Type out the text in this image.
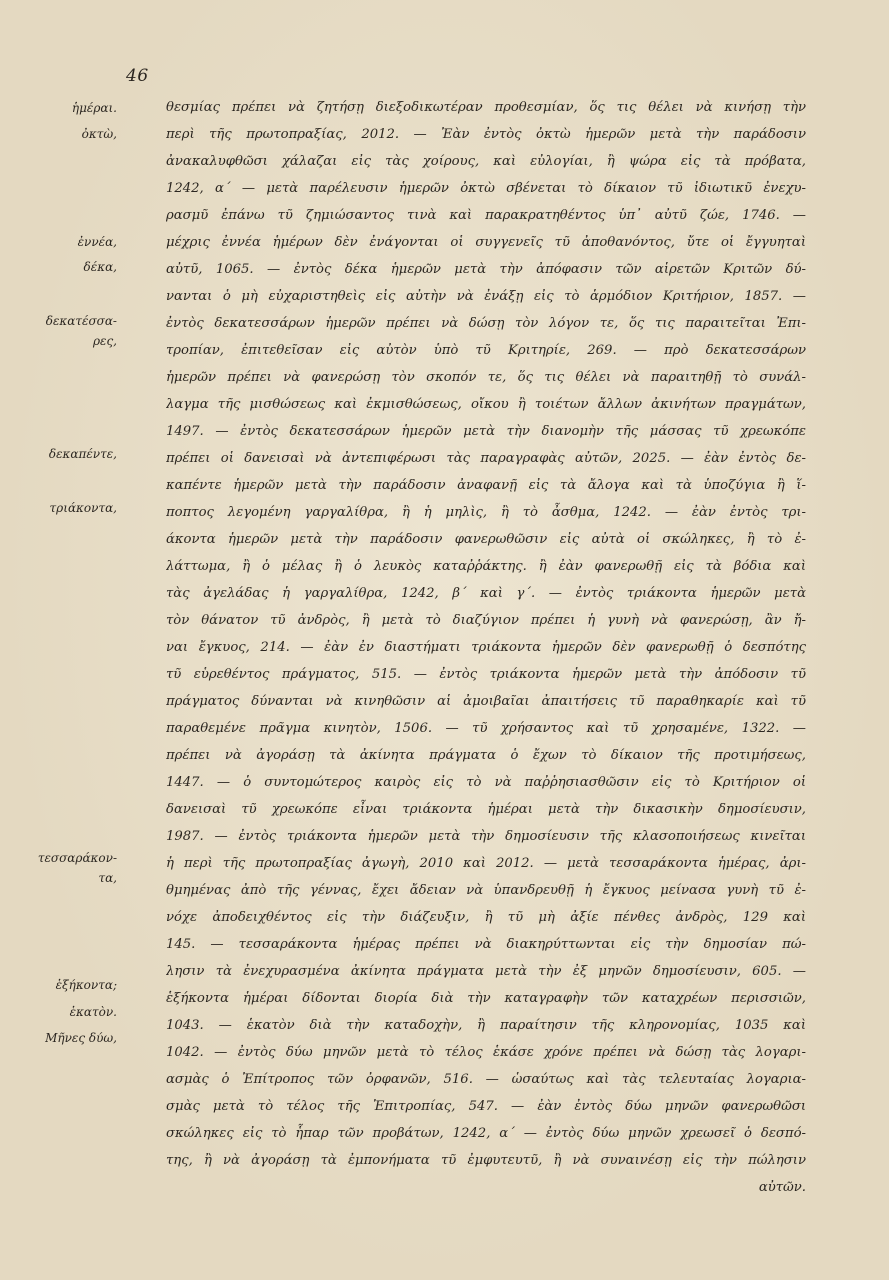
46
ἡμέραι.
ὀκτὼ,
ἐννέα,
δέκα,
δεκατέσσα-
ρες,
δεκαπέντε,
τριάκοντα,
τεσσαράκον-
τα,
ἑξήκοντα;
ἑκατὸν.
Μῆνες δύω,
θεσμίας πρέπει νὰ ζητήσῃ διεξοδικωτέραν προθεσμίαν, ὅς τις θέλει νὰ κινήσῃ τὴν
περὶ τῆς πρωτοπραξίας, 2012. — Ἐὰν ἐντὸς ὀκτὼ ἡμερῶν μετὰ τὴν παράδοσιν
ἀνακαλυφθῶσι χάλαζαι εἰς τὰς χοίρους, καὶ εὐλογίαι, ἢ ψώρα εἰς τὰ πρόβατα,
1242, α΄ — μετὰ παρέλευσιν ἡμερῶν ὀκτὼ σβένεται τὸ δίκαιον τῦ ἰδιωτικῦ ἐνεχυ-
ρασμῦ ἐπάνω τῦ ζημιώσαντος τινὰ καὶ παρακρατηθέντος ὑπ᾽ αὐτῦ ζώε, 1746. —
μέχρις ἐννέα ἡμέρων δὲν ἐνάγονται οἱ συγγενεῖς τῦ ἀποθανόντος, ὔτε οἱ ἔγγυηταὶ
αὐτῦ, 1065. — ἐντὸς δέκα ἡμερῶν μετὰ τὴν ἀπόφασιν τῶν αἱρετῶν Κριτῶν δύ-
νανται ὁ μὴ εὐχαριστηθεὶς εἰς αὐτὴν νὰ ἐνάξῃ εἰς τὸ ἁρμόδιον Κριτήριον, 1857. —
ἐντὸς δεκατεσσάρων ἡμερῶν πρέπει νὰ δώσῃ τὸν λόγον τε, ὅς τις παραιτεῖται Ἐπι-
τροπίαν, ἐπιτεθεῖσαν εἰς αὐτὸν ὑπὸ τῦ Κριτηρίε, 269. — πρὸ δεκατεσσάρων
ἡμερῶν πρέπει νὰ φανερώσῃ τὸν σκοπόν τε, ὅς τις θέλει νὰ παραιτηθῇ τὸ συνάλ-
λαγμα τῆς μισθώσεως καὶ ἐκμισθώσεως, οἴκου ἢ τοιέτων ἄλλων ἀκινήτων πραγμάτων,
1497. — ἐντὸς δεκατεσσάρων ἡμερῶν μετὰ τὴν διανομὴν τῆς μάσσας τῦ χρεωκόπε
πρέπει οἱ δανεισαὶ νὰ ἀντεπιφέρωσι τὰς παραγραφὰς αὐτῶν, 2025. — ἐὰν ἐντὸς δε-
καπέντε ἡμερῶν μετὰ τὴν παράδοσιν ἀναφανῇ εἰς τὰ ἄλογα καὶ τὰ ὑποζύγια ἢ ἵ-
ποπτος λεγομένη γαργαλίθρα, ἢ ἡ μηλὶς, ἢ τὸ ἆσθμα, 1242. — ἐὰν ἐντὸς τρι-
άκοντα ἡμερῶν μετὰ τὴν παράδοσιν φανερωθῶσιν εἰς αὐτὰ οἱ σκώληκες, ἢ τὸ ἐ-
λάττωμα, ἢ ὁ μέλας ἢ ὁ λευκὸς καταῤῥάκτης. ἢ ἐὰν φανερωθῇ εἰς τὰ βόδια καὶ
τὰς ἀγελάδας ἡ γαργαλίθρα, 1242, β΄ καὶ γ΄. — ἐντὸς τριάκοντα ἡμερῶν μετὰ
τὸν θάνατον τῦ ἀνδρὸς, ἢ μετὰ τὸ διαζύγιον πρέπει ἡ γυνὴ νὰ φανερώσῃ, ἂν ἤ-
ναι ἔγκυος, 214. — ἐὰν ἐν διαστήματι τριάκοντα ἡμερῶν δὲν φανερωθῇ ὁ δεσπότης
τῦ εὑρεθέντος πράγματος, 515. — ἐντὸς τριάκοντα ἡμερῶν μετὰ τὴν ἀπόδοσιν τῦ
πράγματος δύνανται νὰ κινηθῶσιν αἱ ἀμοιβαῖαι ἀπαιτήσεις τῦ παραθηκαρίε καὶ τῦ
παραθεμένε πρᾶγμα κινητὸν, 1506. — τῦ χρήσαντος καὶ τῦ χρησαμένε, 1322. —
πρέπει νὰ ἀγοράσῃ τὰ ἀκίνητα πράγματα ὁ ἔχων τὸ δίκαιον τῆς προτιμήσεως,
1447. — ὁ συντομώτερος καιρὸς εἰς τὸ νὰ παῤῥησιασθῶσιν εἰς τὸ Κριτήριον οἱ
δανεισαὶ τῦ χρεωκόπε εἶναι τριάκοντα ἡμέραι μετὰ τὴν δικασικὴν δημοσίευσιν,
1987. — ἐντὸς τριάκοντα ἡμερῶν μετὰ τὴν δημοσίευσιν τῆς κλασοποιήσεως κινεῖται
ἡ περὶ τῆς πρωτοπραξίας ἀγωγὴ, 2010 καὶ 2012. — μετὰ τεσσαράκοντα ἡμέρας, ἀρι-
θμημένας ἀπὸ τῆς γέννας, ἔχει ἄδειαν νὰ ὑπανδρευθῇ ἡ ἔγκυος μείνασα γυνὴ τῦ ἐ-
νόχε ἀποδειχθέντος εἰς τὴν διάζευξιν, ἢ τῦ μὴ ἀξίε πένθες ἀνδρὸς, 129 καὶ
145. — τεσσαράκοντα ἡμέρας πρέπει νὰ διακηρύττωνται εἰς τὴν δημοσίαν πώ-
λησιν τὰ ἐνεχυρασμένα ἀκίνητα πράγματα μετὰ τὴν ἐξ μηνῶν δημοσίευσιν, 605. —
ἑξήκοντα ἡμέραι δίδονται διορία διὰ τὴν καταγραφὴν τῶν καταχρέων περισσιῶν,
1043. — ἑκατὸν διὰ τὴν καταδοχὴν, ἢ παραίτησιν τῆς κληρονομίας, 1035 καὶ
1042. — ἐντὸς δύω μηνῶν μετὰ τὸ τέλος ἑκάσε χρόνε πρέπει νὰ δώσῃ τὰς λογαρι-
ασμὰς ὁ Ἐπίτροπος τῶν ὀρφανῶν, 516. — ὡσαύτως καὶ τὰς τελευταίας λογαρια-
σμὰς μετὰ τὸ τέλος τῆς Ἐπιτροπίας, 547. — ἐὰν ἐντὸς δύω μηνῶν φανερωθῶσι
σκώληκες εἰς τὸ ἧπαρ τῶν προβάτων, 1242, α΄ — ἐντὸς δύω μηνῶν χρεωσεῖ ὁ δεσπό-
της, ἢ νὰ ἀγοράσῃ τὰ ἐμπονήματα τῦ ἐμφυτευτῦ, ἢ νὰ συναινέσῃ εἰς τὴν πώλησιν
αὐτῶν.
